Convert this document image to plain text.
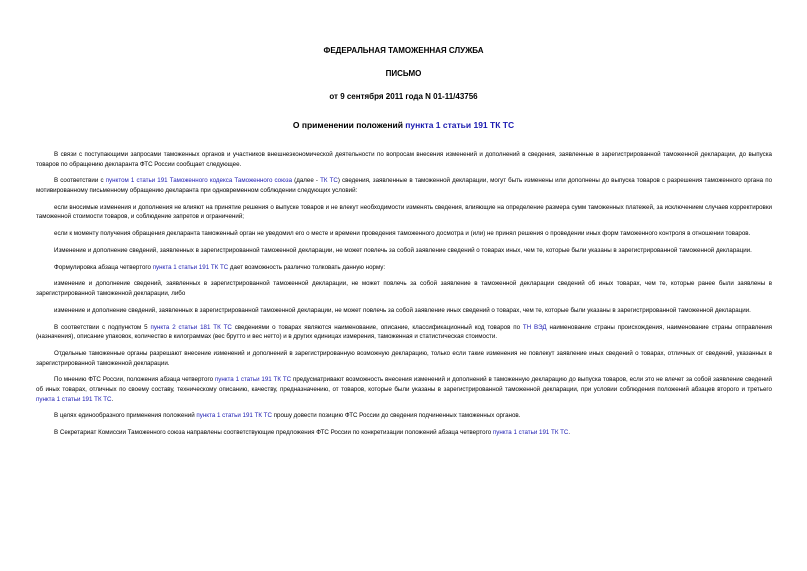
ФЕДЕРАЛЬНАЯ ТАМОЖЕННАЯ СЛУЖБА
ПИСЬМО
от 9 сентября 2011 года N 01-11/43756
О применении положений пункта 1 статьи 191 ТК ТС

В связи с поступающими запросами таможенных органов и участников внешнеэкономической деятельности по вопросам внесения изменений и дополнений в сведения, заявленные в зарегистрированной таможенной декларации, до выпуска товаров по обращению декларанта ФТС России сообщает следующее.

В соответствии с пунктом 1 статьи 191 Таможенного кодекса Таможенного союза (далее - ТК ТС) сведения, заявленные в таможенной декларации, могут быть изменены или дополнены до выпуска товаров с разрешения таможенного органа по мотивированному письменному обращению декларанта при одновременном соблюдении следующих условий:

если вносимые изменения и дополнения не влияют на принятие решения о выпуске товаров и не влекут необходимости изменять сведения, влияющие на определение размера сумм таможенных платежей, за исключением случаев корректировки таможенной стоимости товаров, и соблюдение запретов и ограничений;

если к моменту получения обращения декларанта таможенный орган не уведомил его о месте и времени проведения таможенного досмотра и (или) не принял решения о проведении иных форм таможенного контроля в отношении товаров.

Изменение и дополнение сведений, заявленных в зарегистрированной таможенной декларации, не может повлечь за собой заявление сведений о товарах иных, чем те, которые были указаны в зарегистрированной таможенной декларации.

Формулировка абзаца четвертого пункта 1 статьи 191 ТК ТС дает возможность различно толковать данную норму:

изменение и дополнение сведений, заявленных в зарегистрированной таможенной декларации, не может повлечь за собой заявление в таможенной декларации сведений об иных товарах, чем те, которые ранее были заявлены в зарегистрированной таможенной декларации, либо

изменение и дополнение сведений, заявленных в зарегистрированной таможенной декларации, не может повлечь за собой заявление иных сведений о товарах, чем те, которые были указаны в зарегистрированной таможенной декларации.

В соответствии с подпунктом 5 пункта 2 статьи 181 ТК ТС сведениями о товарах являются наименование, описание, классификационный код товаров по ТН ВЭД наименование страны происхождения, наименование страны отправления (назначения), описание упаковок, количество в килограммах (вес брутто и вес нетто) и в других единицах измерения, таможенная и статистическая стоимости.

Отдельные таможенные органы разрешают внесение изменений и дополнений в зарегистрированную возможную декларацию, только если такие изменения не повлекут заявление иных сведений о товарах, отличных от сведений, указанных в зарегистрированной таможенной декларации.

По мнению ФТС России, положения абзаца четвертого пункта 1 статьи 191 ТК ТС предусматривают возможность внесения изменений и дополнений в таможенную декларацию до выпуска товаров, если это не влечет за собой заявление сведений об иных товарах, отличных по своему составу, техническому описанию, качеству, предназначению, от товаров, которые были указаны в зарегистрированной таможенной декларации, при условии соблюдения положений абзацев второго и третьего пункта 1 статьи 191 ТК ТС.

В целях единообразного применения положений пункта 1 статьи 191 ТК ТС прошу довести позицию ФТС России до сведения подчиненных таможенных органов.

В Секретариат Комиссии Таможенного союза направлены соответствующие предложения ФТС России по конкретизации положений абзаца четвертого пункта 1 статьи 191 ТК ТС.
